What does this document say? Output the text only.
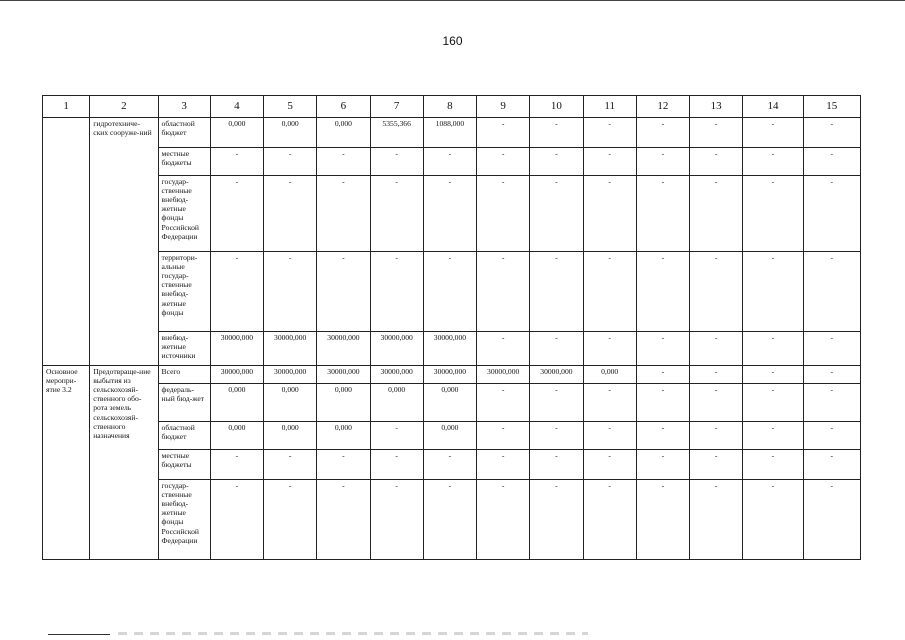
160
1	2	3	4	5	6	7	8	9	10	11	12	13	14	15
	гидротехниче-ских сооруже-ний	областной бюджет	0,000	0,000	0,000	5355,366	1088,000	-	-	-	-	-	-	-
		местные бюджеты	-	-	-	-	-	-	-	-	-	-	-	-
		государ-ственные внебюд-жетные фонды Российской Федерации	-	-	-	-	-	-	-	-	-	-	-	-
		территори-альные государ-ственные внебюд-жетные фонды	-	-	-	-	-	-	-	-	-	-	-	-
		внебюд-жетные источники	30000,000	30000,000	30000,000	30000,000	30000,000	-	-	-	-	-	-	-
Основное меропри-ятие 3.2	Предотвраще-ние выбытия из сельскохозяй-ственного обо-рота земель сельскохозяй-ственного назначения	Всего	30000,000	30000,000	30000,000	30000,000	30000,000	30000,000	30000,000	0,000	-	-	-	-
		федераль-ный бюд-жет	0,000	0,000	0,000	0,000	0,000	-	-	-	-	-	-	-
		областной бюджет	0,000	0,000	0,000	-	0,000	-	-	-	-	-	-	-
		местные бюджеты	-	-	-	-	-	-	-	-	-	-	-	-
		государ-ственные внебюд-жетные фонды Российской Федерации	-	-	-	-	-	-	-	-	-	-	-	-
